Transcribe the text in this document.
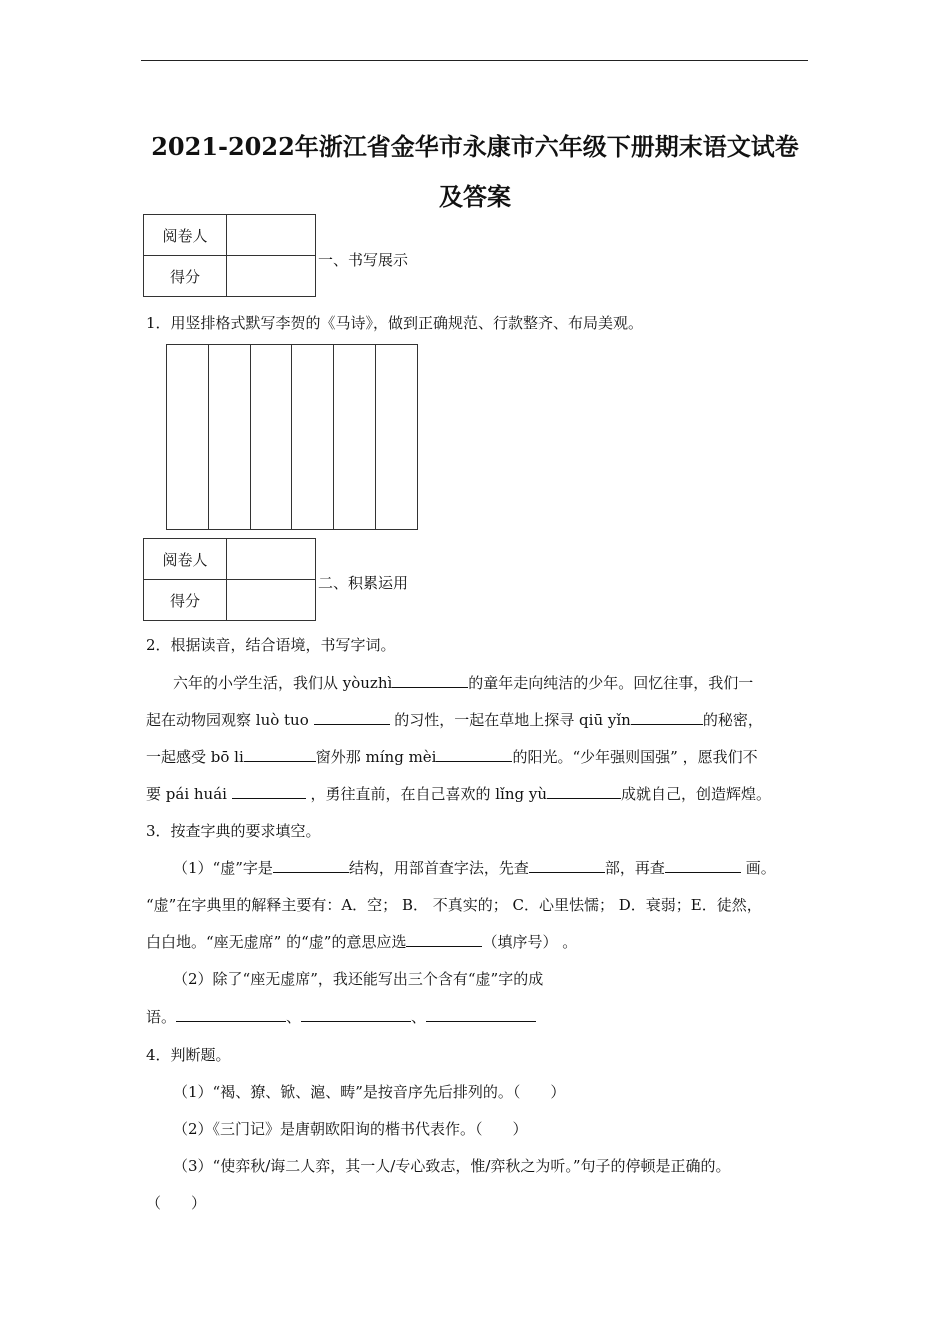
2021-2022年浙江省金华市永康市六年级下册期末语文试卷
及答案
阅卷人	
得分	
一、书写展示
1．用竖排格式默写李贺的《马诗》，做到正确规范、行款整齐、布局美观。
阅卷人	
得分	
二、积累运用
2．根据读音，结合语境，书写字词。
六年的小学生活，我们从 yòuzhì	的童年走向纯洁的少年。回忆往事，我们一
起在动物园观察 luò tuo	的习性，一起在草地上探寻 qiū yǐn	的秘密，
一起感受 bō li	窗外那 míng mèi	的阳光。“少年强则国强” ，愿我们不
要 pái huái	，勇往直前，在自己喜欢的 lǐng yù	成就自己，创造辉煌。
3．按查字典的要求填空。
（1）“虚”字是	结构，用部首查字法，先查	部，再查	画。
“虚”在字典里的解释主要有：A．空； B． 不真实的； C．心里怯懦； D．衰弱；E．徒然，
白白地。“座无虚席” 的“虚”的意思应选	（填序号） 。
（2）除了“座无虚席”，我还能写出三个含有“虚”字的成
语。	、	、
4．判断题。
（1）“褐、獠、锨、滬、畴”是按音序先后排列的。（　　）
（2）《三门记》是唐朝欧阳询的楷书代表作。（　　）
（3）“使弈秋/诲二人弈，其一人/专心致志，惟/弈秋之为听。”句子的停顿是正确的。
（　　）
